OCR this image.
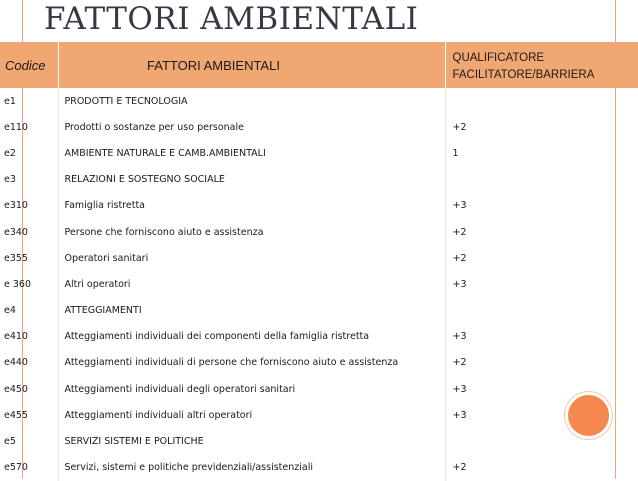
FATTORI AMBIENTALI
Codice	FATTORI AMBIENTALI	QUALIFICATORE
FACILITATORE/BARRIERA

e1	PRODOTTI E TECNOLOGIA	
e110	Prodotti o sostanze per uso personale	+2
e2	AMBIENTE NATURALE E CAMB.AMBIENTALI	1
e3	RELAZIONI E SOSTEGNO SOCIALE	
e310	Famiglia ristretta	+3
e340	Persone che forniscono aiuto e assistenza	+2
e355	Operatori sanitari	+2
e 360	Altri operatori	+3
e4	ATTEGGIAMENTI	
e410	Atteggiamenti individuali dei componenti della famiglia ristretta	+3
e440	Atteggiamenti individuali di persone che forniscono aiuto e assistenza	+2
e450	Atteggiamenti individuali degli operatori sanitari	+3
e455	Atteggiamenti individuali altri operatori	+3
e5	SERVIZI SISTEMI E POLITICHE	
e570	Servizi, sistemi e politiche previdenziali/assistenziali	+2
